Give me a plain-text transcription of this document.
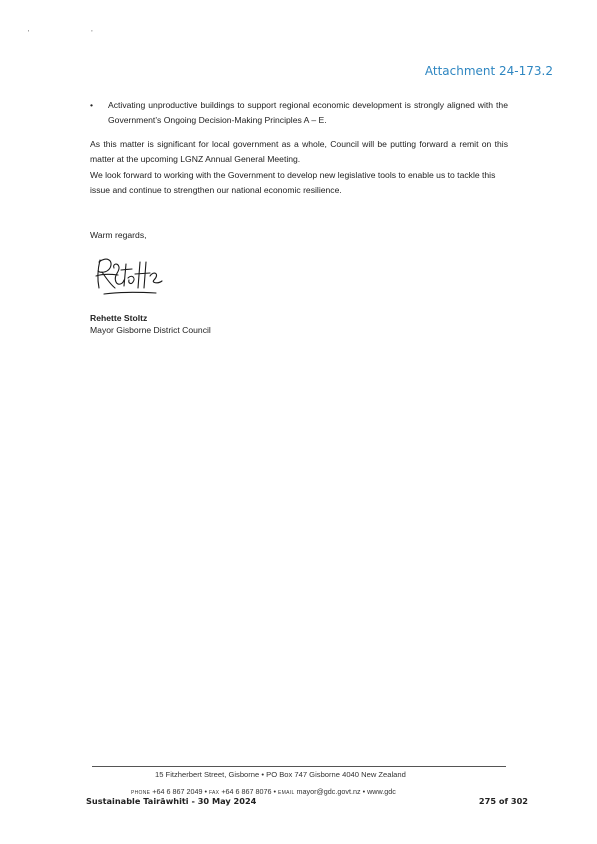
' '
Attachment 24-173.2
• Activating unproductive buildings to support regional economic development is strongly aligned with the Government’s Ongoing Decision-Making Principles A – E.
As this matter is significant for local government as a whole, Council will be putting forward a remit on this matter at the upcoming LGNZ Annual General Meeting.
We look forward to working with the Government to develop new legislative tools to enable us to tackle this issue and continue to strengthen our national economic resilience.
Warm regards,
Rehette Stoltz
Mayor Gisborne District Council
15 Fitzherbert Street, Gisborne • PO Box 747 Gisborne 4040 New Zealand
PHONE +64 6 867 2049 • FAX +64 6 867 8076 • EMAIL mayor@gdc.govt.nz • www.gdc
Sustainable Tairāwhiti - 30 May 2024	275 of 302
